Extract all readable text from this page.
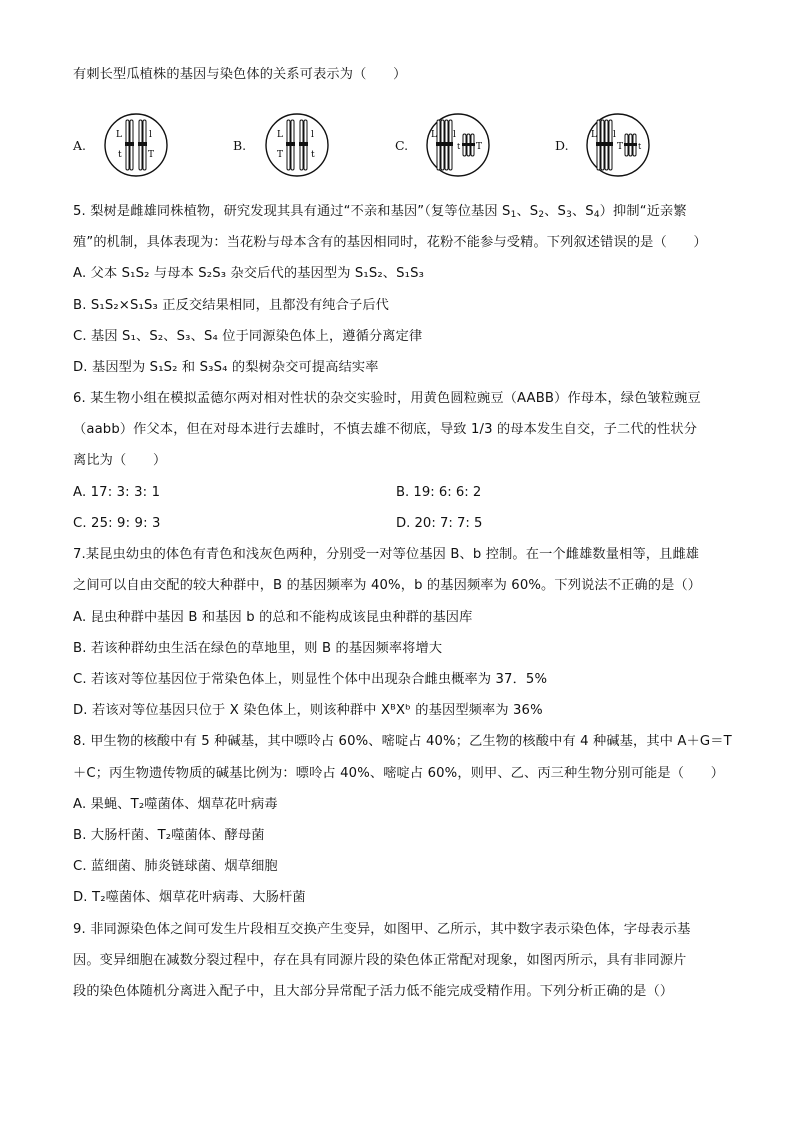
有刺长型瓜植株的基因与染色体的关系可表示为（　　）
A.	B.	C.	D.
L
t
l
T
L
T
l
t
L l
t T
L l
T t
5. 梨树是雌雄同株植物，研究发现其具有通过“不亲和基因”（复等位基因 $S_1$、$S_2$、$S_3$、$S_4$）抑制“近亲繁
殖”的机制，具体表现为：当花粉与母本含有的基因相同时，花粉不能参与受精。下列叙述错误的是（　　）
A. 父本 S₁S₂ 与母本 S₂S₃ 杂交后代的基因型为 S₁S₂、S₁S₃
B. S₁S₂×S₁S₃ 正反交结果相同，且都没有纯合子后代
C. 基因 S₁、S₂、S₃、S₄ 位于同源染色体上，遵循分离定律
D. 基因型为 S₁S₂ 和 S₃S₄ 的梨树杂交可提高结实率
6. 某生物小组在模拟孟德尔两对相对性状的杂交实验时，用黄色圆粒豌豆（AABB）作母本，绿色皱粒豌豆
（aabb）作父本，但在对母本进行去雄时，不慎去雄不彻底，导致 1/3 的母本发生自交，子二代的性状分
离比为（　　）
A. 17: 3: 3: 1	B. 19: 6: 6: 2
C. 25: 9: 9: 3	D. 20: 7: 7: 5
7.某昆虫幼虫的体色有青色和浅灰色两种，分别受一对等位基因 B、b 控制。在一个雌雄数量相等，且雌雄
之间可以自由交配的较大种群中，B 的基因频率为 40%，b 的基因频率为 60%。下列说法不正确的是（）
A. 昆虫种群中基因 B 和基因 b 的总和不能构成该昆虫种群的基因库
B. 若该种群幼虫生活在绿色的草地里，则 B 的基因频率将增大
C. 若该对等位基因位于常染色体上，则显性个体中出现杂合雌虫概率为 37．5%
D. 若该对等位基因只位于 X 染色体上，则该种群中 XᴮXᵇ 的基因型频率为 36%
8. 甲生物的核酸中有 5 种碱基，其中嘌呤占 60%、嘧啶占 40%；乙生物的核酸中有 4 种碱基，其中 A＋G＝T
＋C；丙生物遗传物质的碱基比例为：嘌呤占 40%、嘧啶占 60%，则甲、乙、丙三种生物分别可能是（　　）
A. 果蝇、T₂噬菌体、烟草花叶病毒
B. 大肠杆菌、T₂噬菌体、酵母菌
C. 蓝细菌、肺炎链球菌、烟草细胞
D. T₂噬菌体、烟草花叶病毒、大肠杆菌
9. 非同源染色体之间可发生片段相互交换产生变异，如图甲、乙所示，其中数字表示染色体，字母表示基
因。变异细胞在减数分裂过程中，存在具有同源片段的染色体正常配对现象，如图丙所示，具有非同源片
段的染色体随机分离进入配子中，且大部分异常配子活力低不能完成受精作用。下列分析正确的是（）
